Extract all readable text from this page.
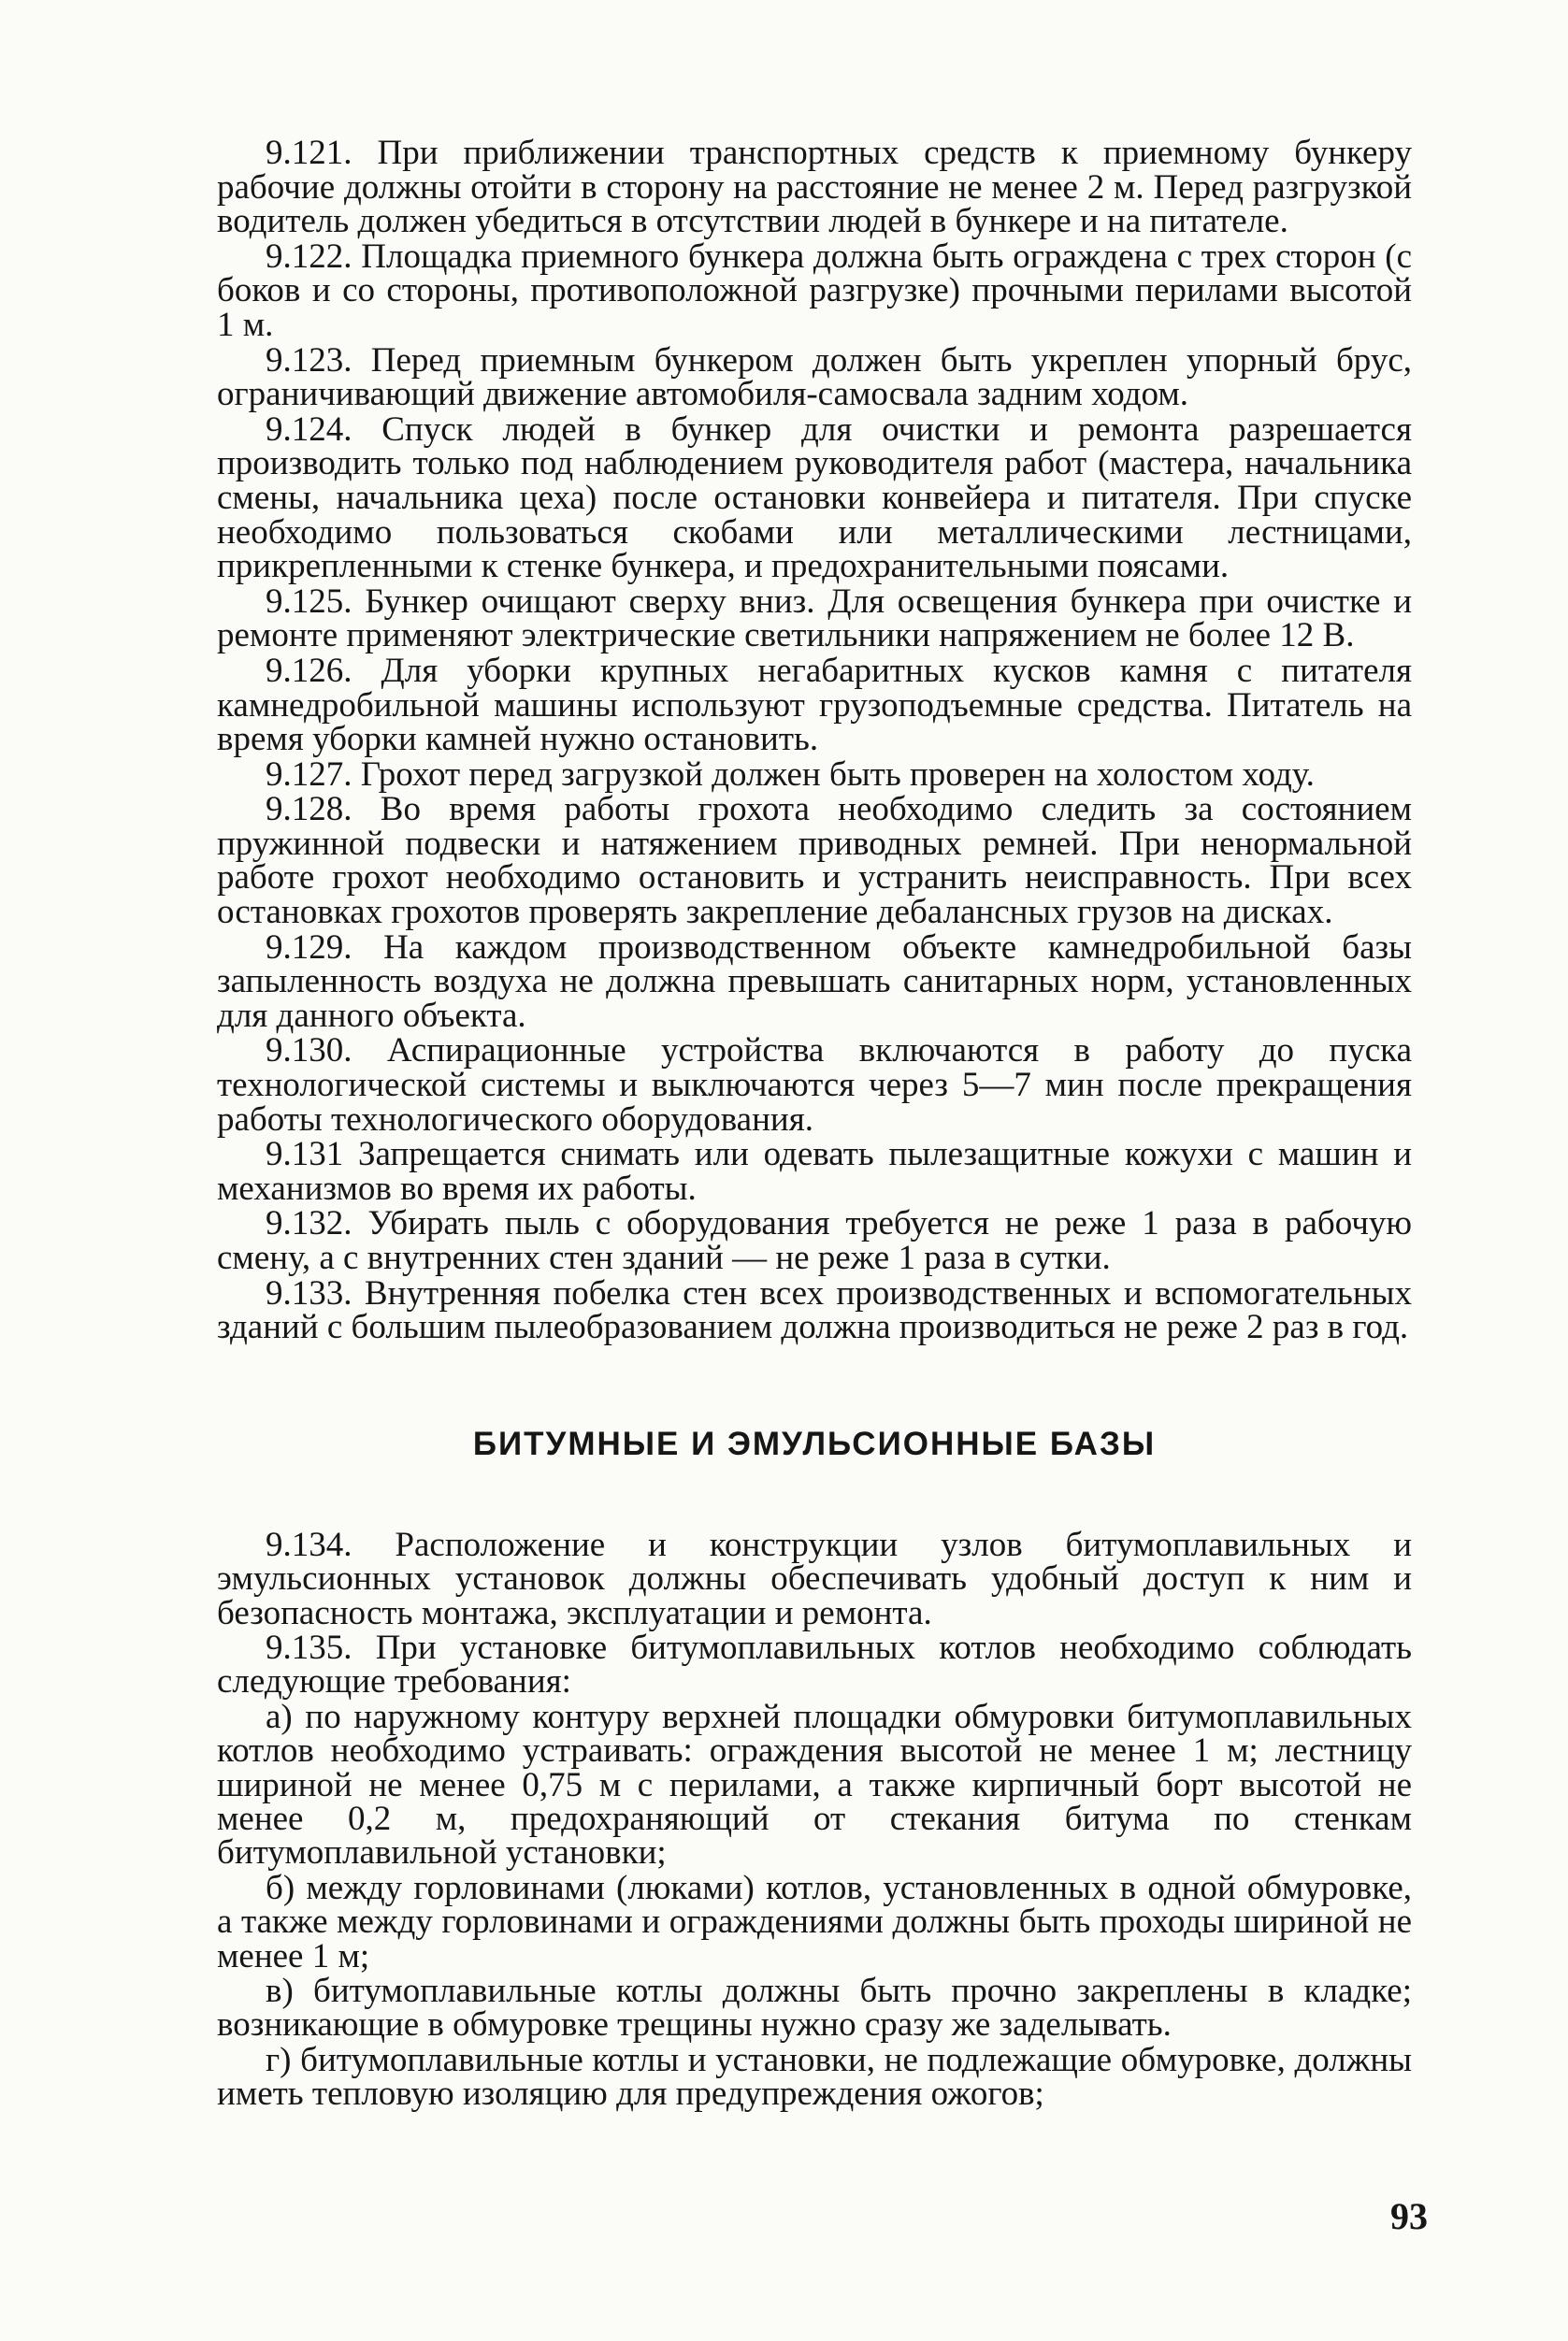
9.121. При приближении транспортных средств к приемному бункеру рабочие должны отойти в сторону на расстояние не менее 2 м. Перед разгрузкой водитель должен убедиться в отсутствии людей в бункере и на питателе.

9.122. Площадка приемного бункера должна быть ограждена с трех сторон (с боков и со стороны, противоположной разгрузке) прочными перилами высотой 1 м.

9.123. Перед приемным бункером должен быть укреплен упорный брус, ограничивающий движение автомобиля-самосвала задним ходом.

9.124. Спуск людей в бункер для очистки и ремонта разрешается производить только под наблюдением руководителя работ (мастера, начальника смены, начальника цеха) после остановки конвейера и питателя. При спуске необходимо пользоваться скобами или металлическими лестницами, прикрепленными к стенке бункера, и предохранительными поясами.

9.125. Бункер очищают сверху вниз. Для освещения бункера при очистке и ремонте применяют электрические светильники напряжением не более 12 В.

9.126. Для уборки крупных негабаритных кусков камня с питателя камнедробильной машины используют грузоподъемные средства. Питатель на время уборки камней нужно остановить.

9.127. Грохот перед загрузкой должен быть проверен на холостом ходу.

9.128. Во время работы грохота необходимо следить за состоянием пружинной подвески и натяжением приводных ремней. При ненормальной работе грохот необходимо остановить и устранить неисправность. При всех остановках грохотов проверять закрепление дебалансных грузов на дисках.

9.129. На каждом производственном объекте камнедробильной базы запыленность воздуха не должна превышать санитарных норм, установленных для данного объекта.

9.130. Аспирационные устройства включаются в работу до пуска технологической системы и выключаются через 5—7 мин после прекращения работы технологического оборудования.

9.131 Запрещается снимать или одевать пылезащитные кожухи с машин и механизмов во время их работы.

9.132. Убирать пыль с оборудования требуется не реже 1 раза в рабочую смену, а с внутренних стен зданий — не реже 1 раза в сутки.

9.133. Внутренняя побелка стен всех производственных и вспомогательных зданий с большим пылеобразованием должна производиться не реже 2 раз в год.

БИТУМНЫЕ И ЭМУЛЬСИОННЫЕ БАЗЫ

9.134. Расположение и конструкции узлов битумоплавильных и эмульсионных установок должны обеспечивать удобный доступ к ним и безопасность монтажа, эксплуатации и ремонта.

9.135. При установке битумоплавильных котлов необходимо соблюдать следующие требования:

а) по наружному контуру верхней площадки обмуровки битумоплавильных котлов необходимо устраивать: ограждения высотой не менее 1 м; лестницу шириной не менее 0,75 м с перилами, а также кирпичный борт высотой не менее 0,2 м, предохраняющий от стекания битума по стенкам битумоплавильной установки;

б) между горловинами (люками) котлов, установленных в одной обмуровке, а также между горловинами и ограждениями должны быть проходы шириной не менее 1 м;

в) битумоплавильные котлы должны быть прочно закреплены в кладке; возникающие в обмуровке трещины нужно сразу же заделывать.

г) битумоплавильные котлы и установки, не подлежащие обмуровке, должны иметь тепловую изоляцию для предупреждения ожогов;

93
